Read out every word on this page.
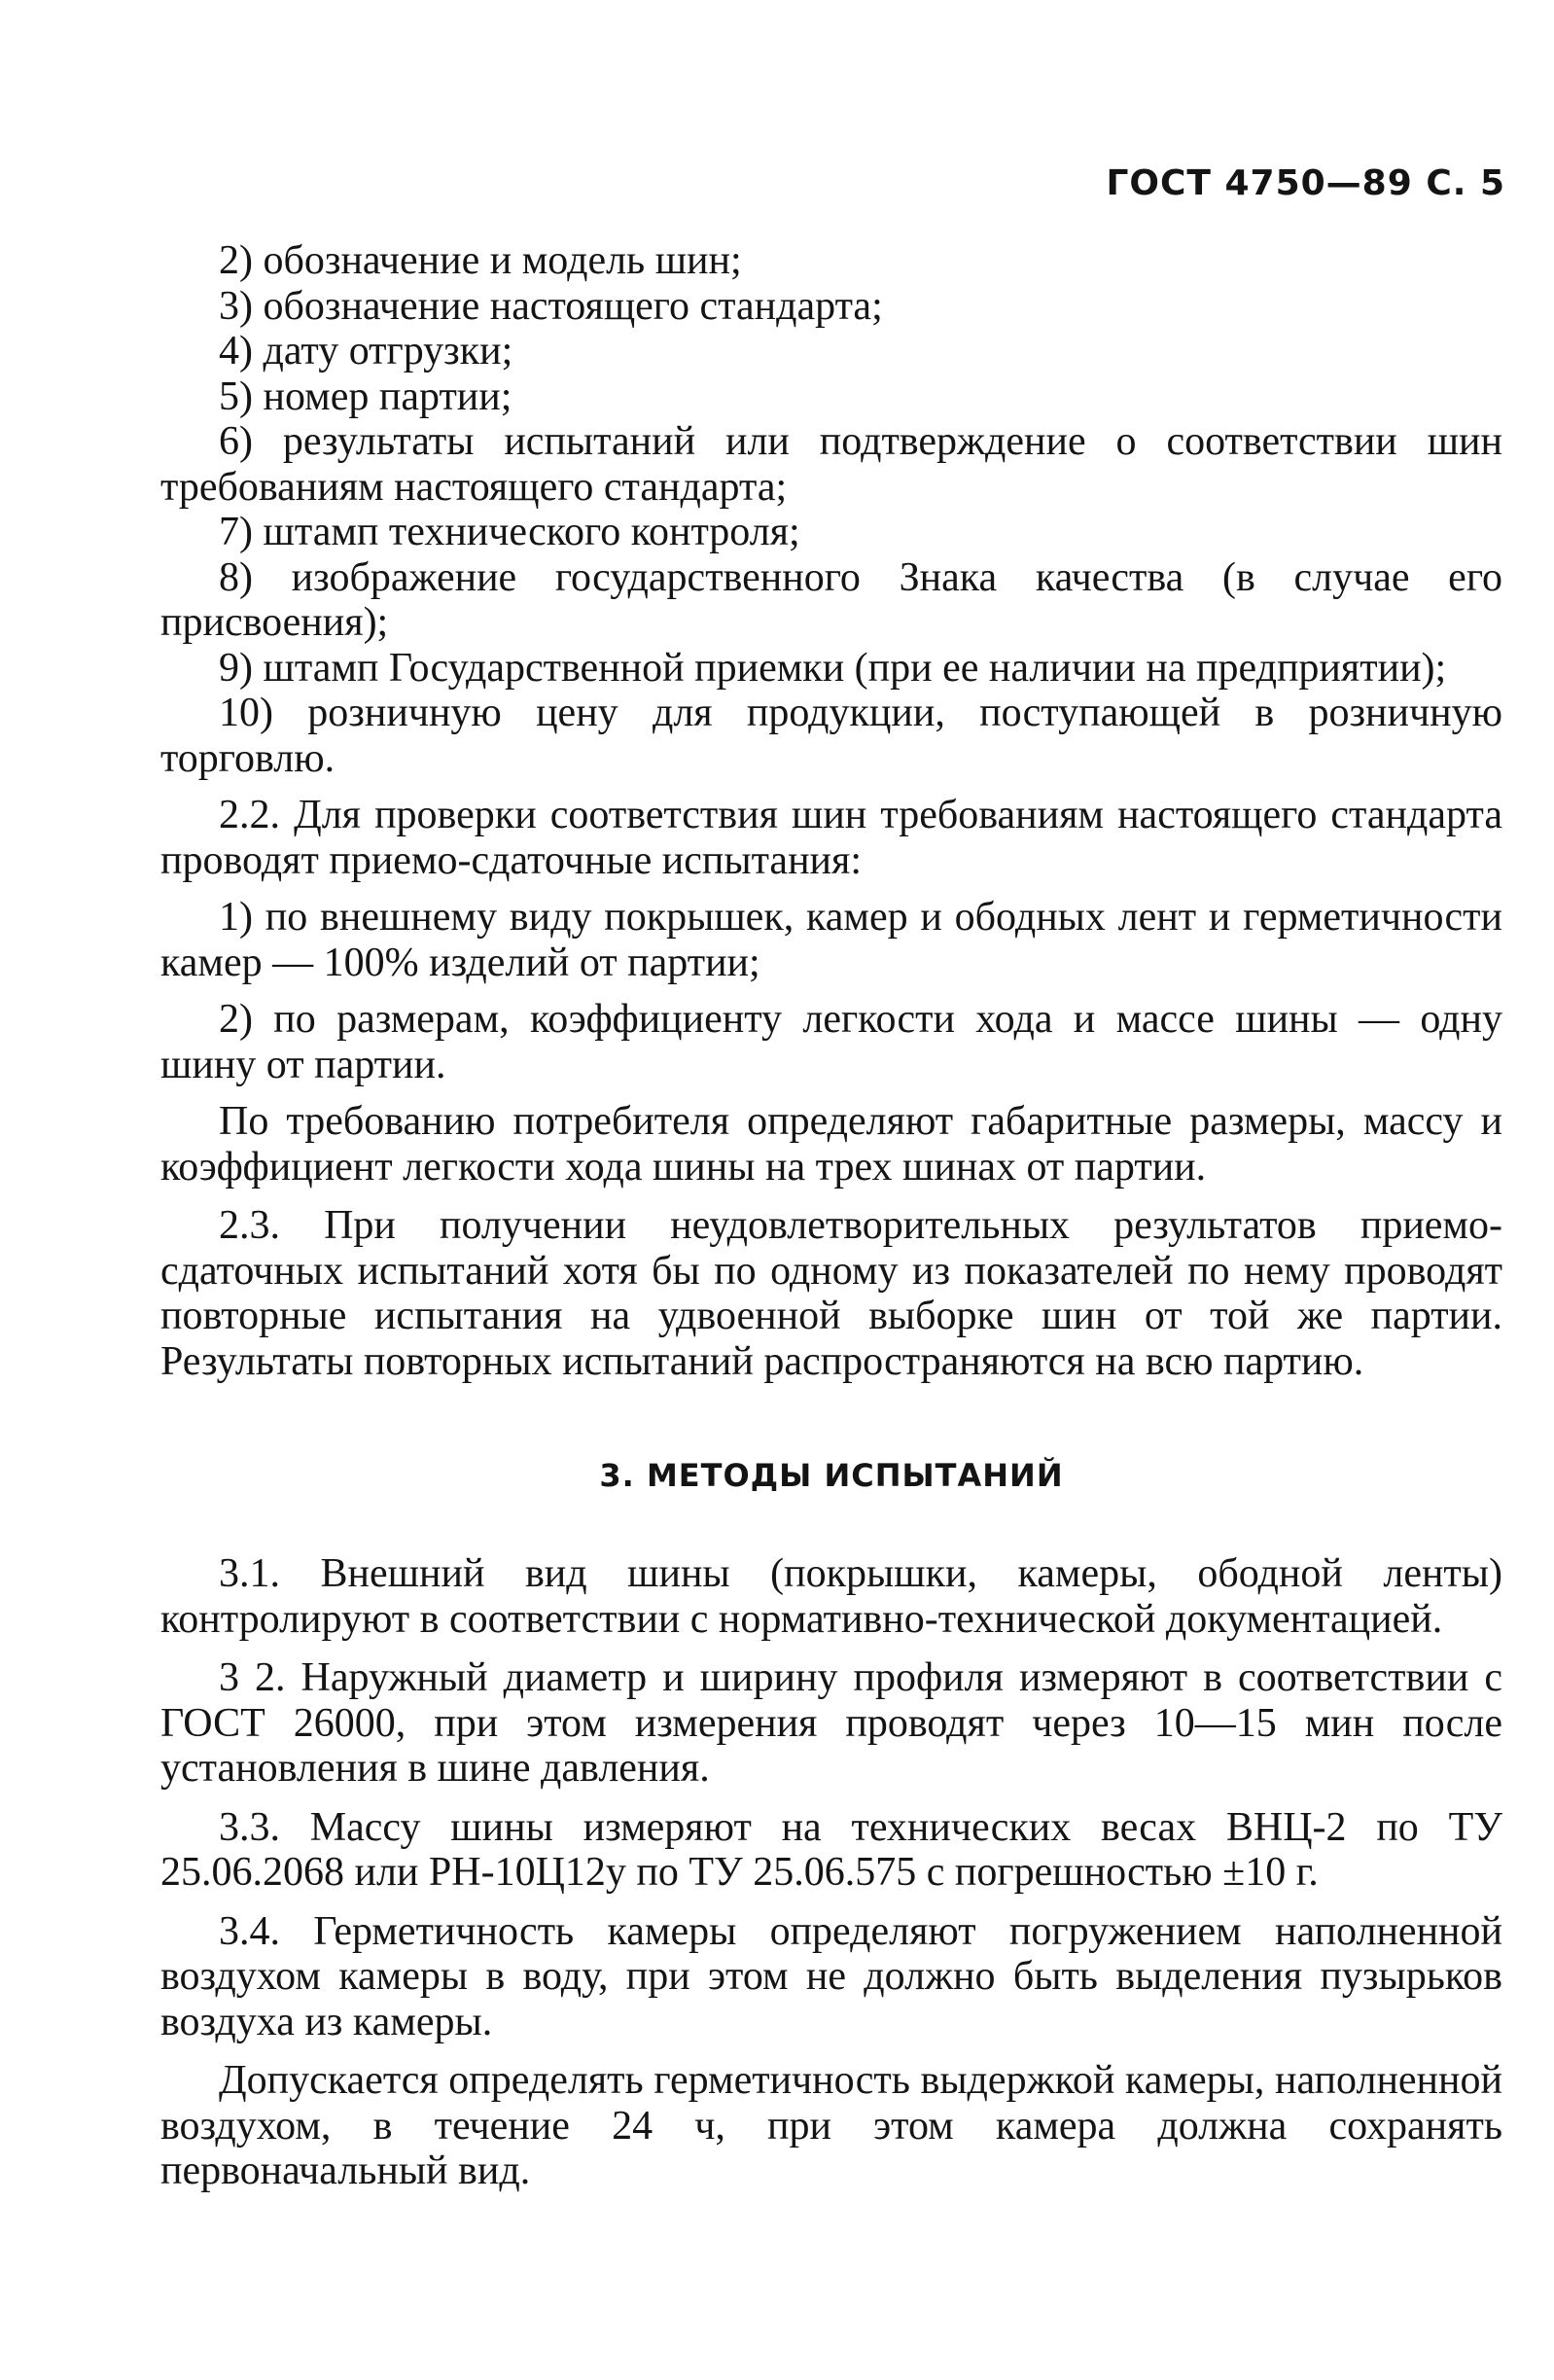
ГОСТ 4750—89 С. 5

2) обозначение и модель шин;

3) обозначение настоящего стандарта;

4) дату отгрузки;

5) номер партии;

6) результаты испытаний или подтверждение о соответствии шин требованиям настоящего стандарта;

7) штамп технического контроля;

8) изображение государственного Знака качества (в случае его присвоения);

9) штамп Государственной приемки (при ее наличии на предприятии);

10) розничную цену для продукции, поступающей в розничную торговлю.

2.2. Для проверки соответствия шин требованиям настоящего стандарта проводят приемо-сдаточные испытания:

1) по внешнему виду покрышек, камер и ободных лент и герметичности камер — 100% изделий от партии;

2) по размерам, коэффициенту легкости хода и массе шины — одну шину от партии.

По требованию потребителя определяют габаритные размеры, массу и коэффициент легкости хода шины на трех шинах от партии.

2.3. При получении неудовлетворительных результатов приемо-сдаточных испытаний хотя бы по одному из показателей по нему проводят повторные испытания на удвоенной выборке шин от той же партии. Результаты повторных испытаний распространяются на всю партию.

3. МЕТОДЫ ИСПЫТАНИЙ

3.1. Внешний вид шины (покрышки, камеры, ободной ленты) контролируют в соответствии с нормативно-технической документацией.

3 2. Наружный диаметр и ширину профиля измеряют в соответствии с ГОСТ 26000, при этом измерения проводят через 10—15 мин после установления в шине давления.

3.3. Массу шины измеряют на технических весах ВНЦ-2 по ТУ 25.06.2068 или РН-10Ц12у по ТУ 25.06.575 с погрешностью ±10 г.

3.4. Герметичность камеры определяют погружением наполненной воздухом камеры в воду, при этом не должно быть выделения пузырьков воздуха из камеры.

Допускается определять герметичность выдержкой камеры, наполненной воздухом, в течение 24 ч, при этом камера должна сохранять первоначальный вид.
